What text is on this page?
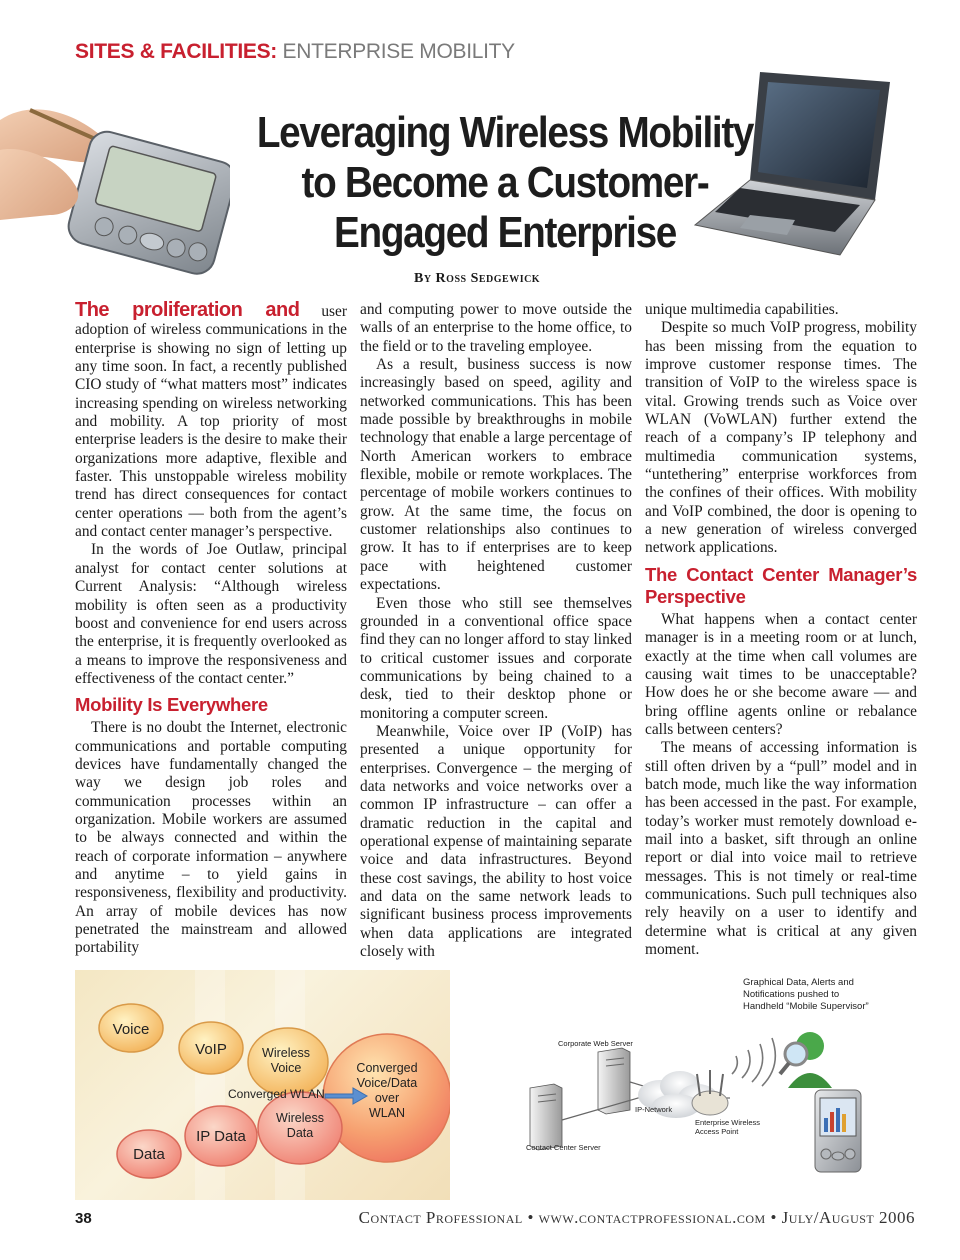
SITES & FACILITIES: ENTERPRISE MOBILITY
Leveraging Wireless Mobility
to Become a Customer-
Engaged Enterprise
By Ross Sedgewick

The proliferation and user adoption of wireless communications in the enterprise is showing no sign of letting up any time soon. In fact, a recently published CIO study of “what matters most” indicates increasing spending on wireless networking and mobility. A top priority of most enterprise leaders is the desire to make their organizations more adaptive, flexible and faster. This unstoppable wireless mobility trend has direct consequences for contact center operations — both from the agent’s and contact center manager’s perspective.

In the words of Joe Outlaw, principal analyst for contact center solutions at Current Analysis: “Although wireless mobility is often seen as a productivity boost and convenience for end users across the enterprise, it is frequently overlooked as a means to improve the responsiveness and effectiveness of the contact center.”

Mobility Is Everywhere

There is no doubt the Internet, electronic communications and portable computing devices have fundamentally changed the way we design job roles and communication processes within an organization. Mobile workers are assumed to be always connected and within the reach of corporate information – anywhere and anytime – to yield gains in responsiveness, flexibility and productivity. An array of mobile devices has now penetrated the mainstream and allowed portability

and computing power to move outside the walls of an enterprise to the home office, to the field or to the traveling employee.

As a result, business success is now increasingly based on speed, agility and networked communications. This has been made possible by breakthroughs in mobile technology that enable a large percentage of North American workers to embrace flexible, mobile or remote workplaces. The percentage of mobile workers continues to grow. At the same time, the focus on customer relationships also continues to grow. It has to if enterprises are to keep pace with heightened customer expectations.

Even those who still see themselves grounded in a conventional office space find they can no longer afford to stay linked to critical customer issues and corporate communications by being chained to a desk, tied to their desktop phone or monitoring a computer screen.

Meanwhile, Voice over IP (VoIP) has presented a unique opportunity for enterprises. Convergence – the merging of data networks and voice networks over a common IP infrastructure – can offer a dramatic reduction in the capital and operational expense of maintaining separate voice and data infrastructures. Beyond these cost savings, the ability to host voice and data on the same network leads to significant business process improvements when data applications are integrated closely with

unique multimedia capabilities.

Despite so much VoIP progress, mobility has been missing from the equation to improve customer response times. The transition of VoIP to the wireless space is vital. Growing trends such as Voice over WLAN (VoWLAN) further extend the reach of a company’s IP telephony and multimedia communication systems, “untethering” enterprise workforces from the confines of their offices. With mobility and VoIP combined, the door is opening to a new generation of wireless converged network applications.

The Contact Center Manager’s Perspective

What happens when a contact center manager is in a meeting room or at lunch, exactly at the time when call volumes are causing wait times to be unacceptable? How does he or she become aware — and bring offline agents online or rebalance calls between centers?

The means of accessing information is still often driven by a “pull” model and in batch mode, much like the way information has been accessed in the past. For example, today’s worker must remotely download e-mail into a basket, sift through an online report or dial into voice mail to retrieve messages. This is not timely or real-time communications. Such pull techniques also rely heavily on a user to identify and determine what is critical at any given moment.

Voice
VoIP	Wireless
Voice
Converged WLAN
Converged
Voice/Data
over
WLAN
Wireless
Data
IP Data
Data
Graphical Data, Alerts and
Notifications pushed to
Handheld “Mobile Supervisor”
Corporate Web Server
Contact Center Server
IP-Network
Enterprise Wireless
Access Point
38	Contact Professional • www.contactprofessional.com • July/August 2006
